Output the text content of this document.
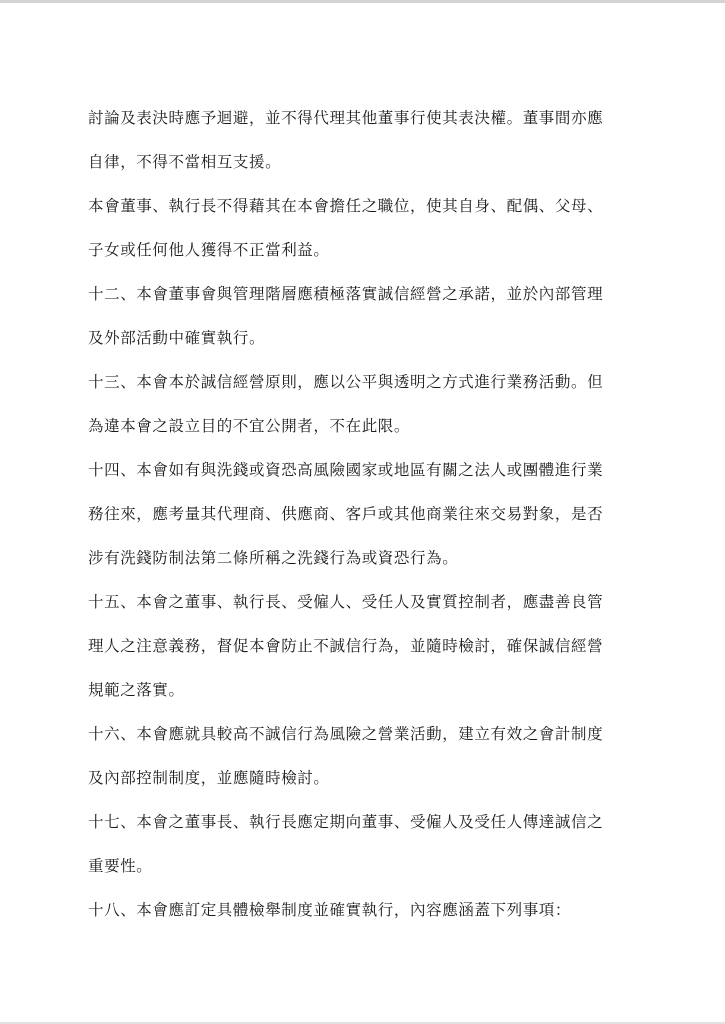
討論及表決時應予迴避，並不得代理其他董事行使其表決權。董事間亦應
自律，不得不當相互支援。
本會董事、執行長不得藉其在本會擔任之職位，使其自身、配偶、父母、
子女或任何他人獲得不正當利益。
十二、本會董事會與管理階層應積極落實誠信經營之承諾，並於內部管理
及外部活動中確實執行。
十三、本會本於誠信經營原則，應以公平與透明之方式進行業務活動。但
為違本會之設立目的不宜公開者，不在此限。
十四、本會如有與洗錢或資恐高風險國家或地區有關之法人或團體進行業
務往來，應考量其代理商、供應商、客戶或其他商業往來交易對象，是否
涉有洗錢防制法第二條所稱之洗錢行為或資恐行為。
十五、本會之董事、執行長、受僱人、受任人及實質控制者，應盡善良管
理人之注意義務，督促本會防止不誠信行為，並隨時檢討，確保誠信經營
規範之落實。
十六、本會應就具較高不誠信行為風險之營業活動，建立有效之會計制度
及內部控制制度，並應隨時檢討。
十七、本會之董事長、執行長應定期向董事、受僱人及受任人傳達誠信之
重要性。
十八、本會應訂定具體檢舉制度並確實執行，內容應涵蓋下列事項：
